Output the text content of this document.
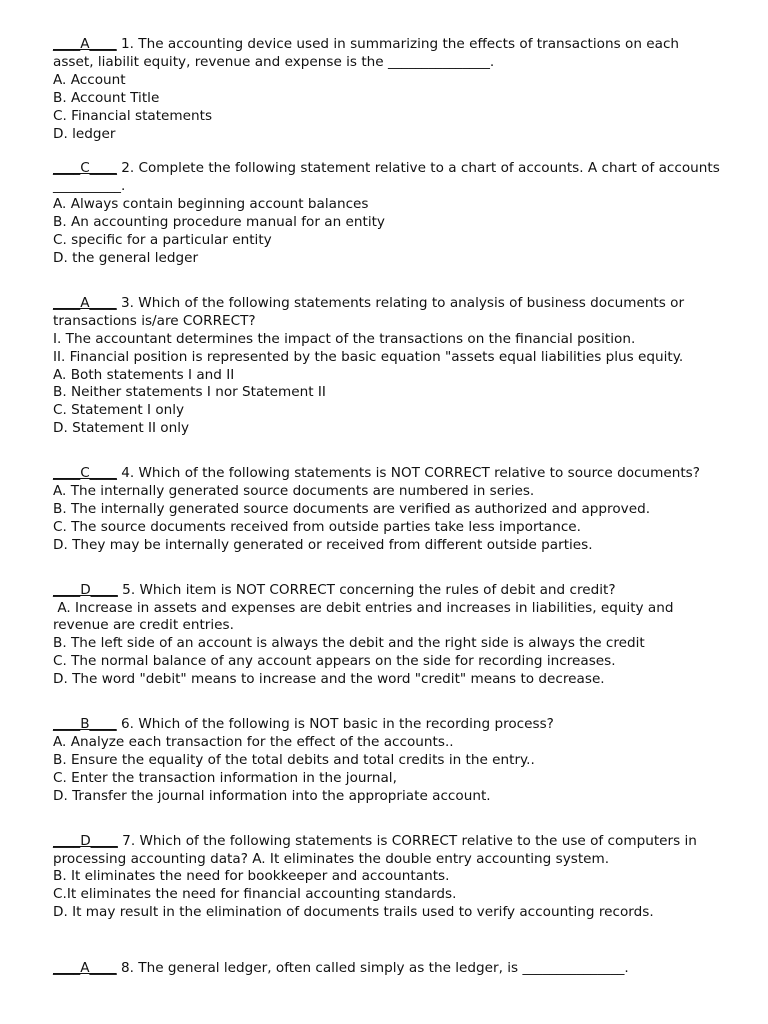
____A____ 1. The accounting device used in summarizing the effects of transactions on each
asset, liabilit equity, revenue and expense is the _______________.
A. Account
B. Account Title
C. Financial statements
D. ledger
____C____ 2. Complete the following statement relative to a chart of accounts. A chart of accounts
__________.
A. Always contain beginning account balances
B. An accounting procedure manual for an entity
C. specific for a particular entity
D. the general ledger
____A____ 3. Which of the following statements relating to analysis of business documents or
transactions is/are CORRECT?
I. The accountant determines the impact of the transactions on the financial position.
II. Financial position is represented by the basic equation "assets equal liabilities plus equity.
A. Both statements I and II
B. Neither statements I nor Statement II
C. Statement I only
D. Statement II only
____C____ 4. Which of the following statements is NOT CORRECT relative to source documents?
A. The internally generated source documents are numbered in series.
B. The internally generated source documents are verified as authorized and approved.
C. The source documents received from outside parties take less importance.
D. They may be internally generated or received from different outside parties.
____D____ 5. Which item is NOT CORRECT concerning the rules of debit and credit?
A. Increase in assets and expenses are debit entries and increases in liabilities, equity and
revenue are credit entries.
B. The left side of an account is always the debit and the right side is always the credit
C. The normal balance of any account appears on the side for recording increases.
D. The word "debit" means to increase and the word "credit" means to decrease.
____B____ 6. Which of the following is NOT basic in the recording process?
A. Analyze each transaction for the effect of the accounts..
B. Ensure the equality of the total debits and total credits in the entry..
C. Enter the transaction information in the journal,
D. Transfer the journal information into the appropriate account.
____D____ 7. Which of the following statements is CORRECT relative to the use of computers in
processing accounting data? A. It eliminates the double entry accounting system.
B. It eliminates the need for bookkeeper and accountants.
C.It eliminates the need for financial accounting standards.
D. It may result in the elimination of documents trails used to verify accounting records.
____A____ 8. The general ledger, often called simply as the ledger, is _______________.
